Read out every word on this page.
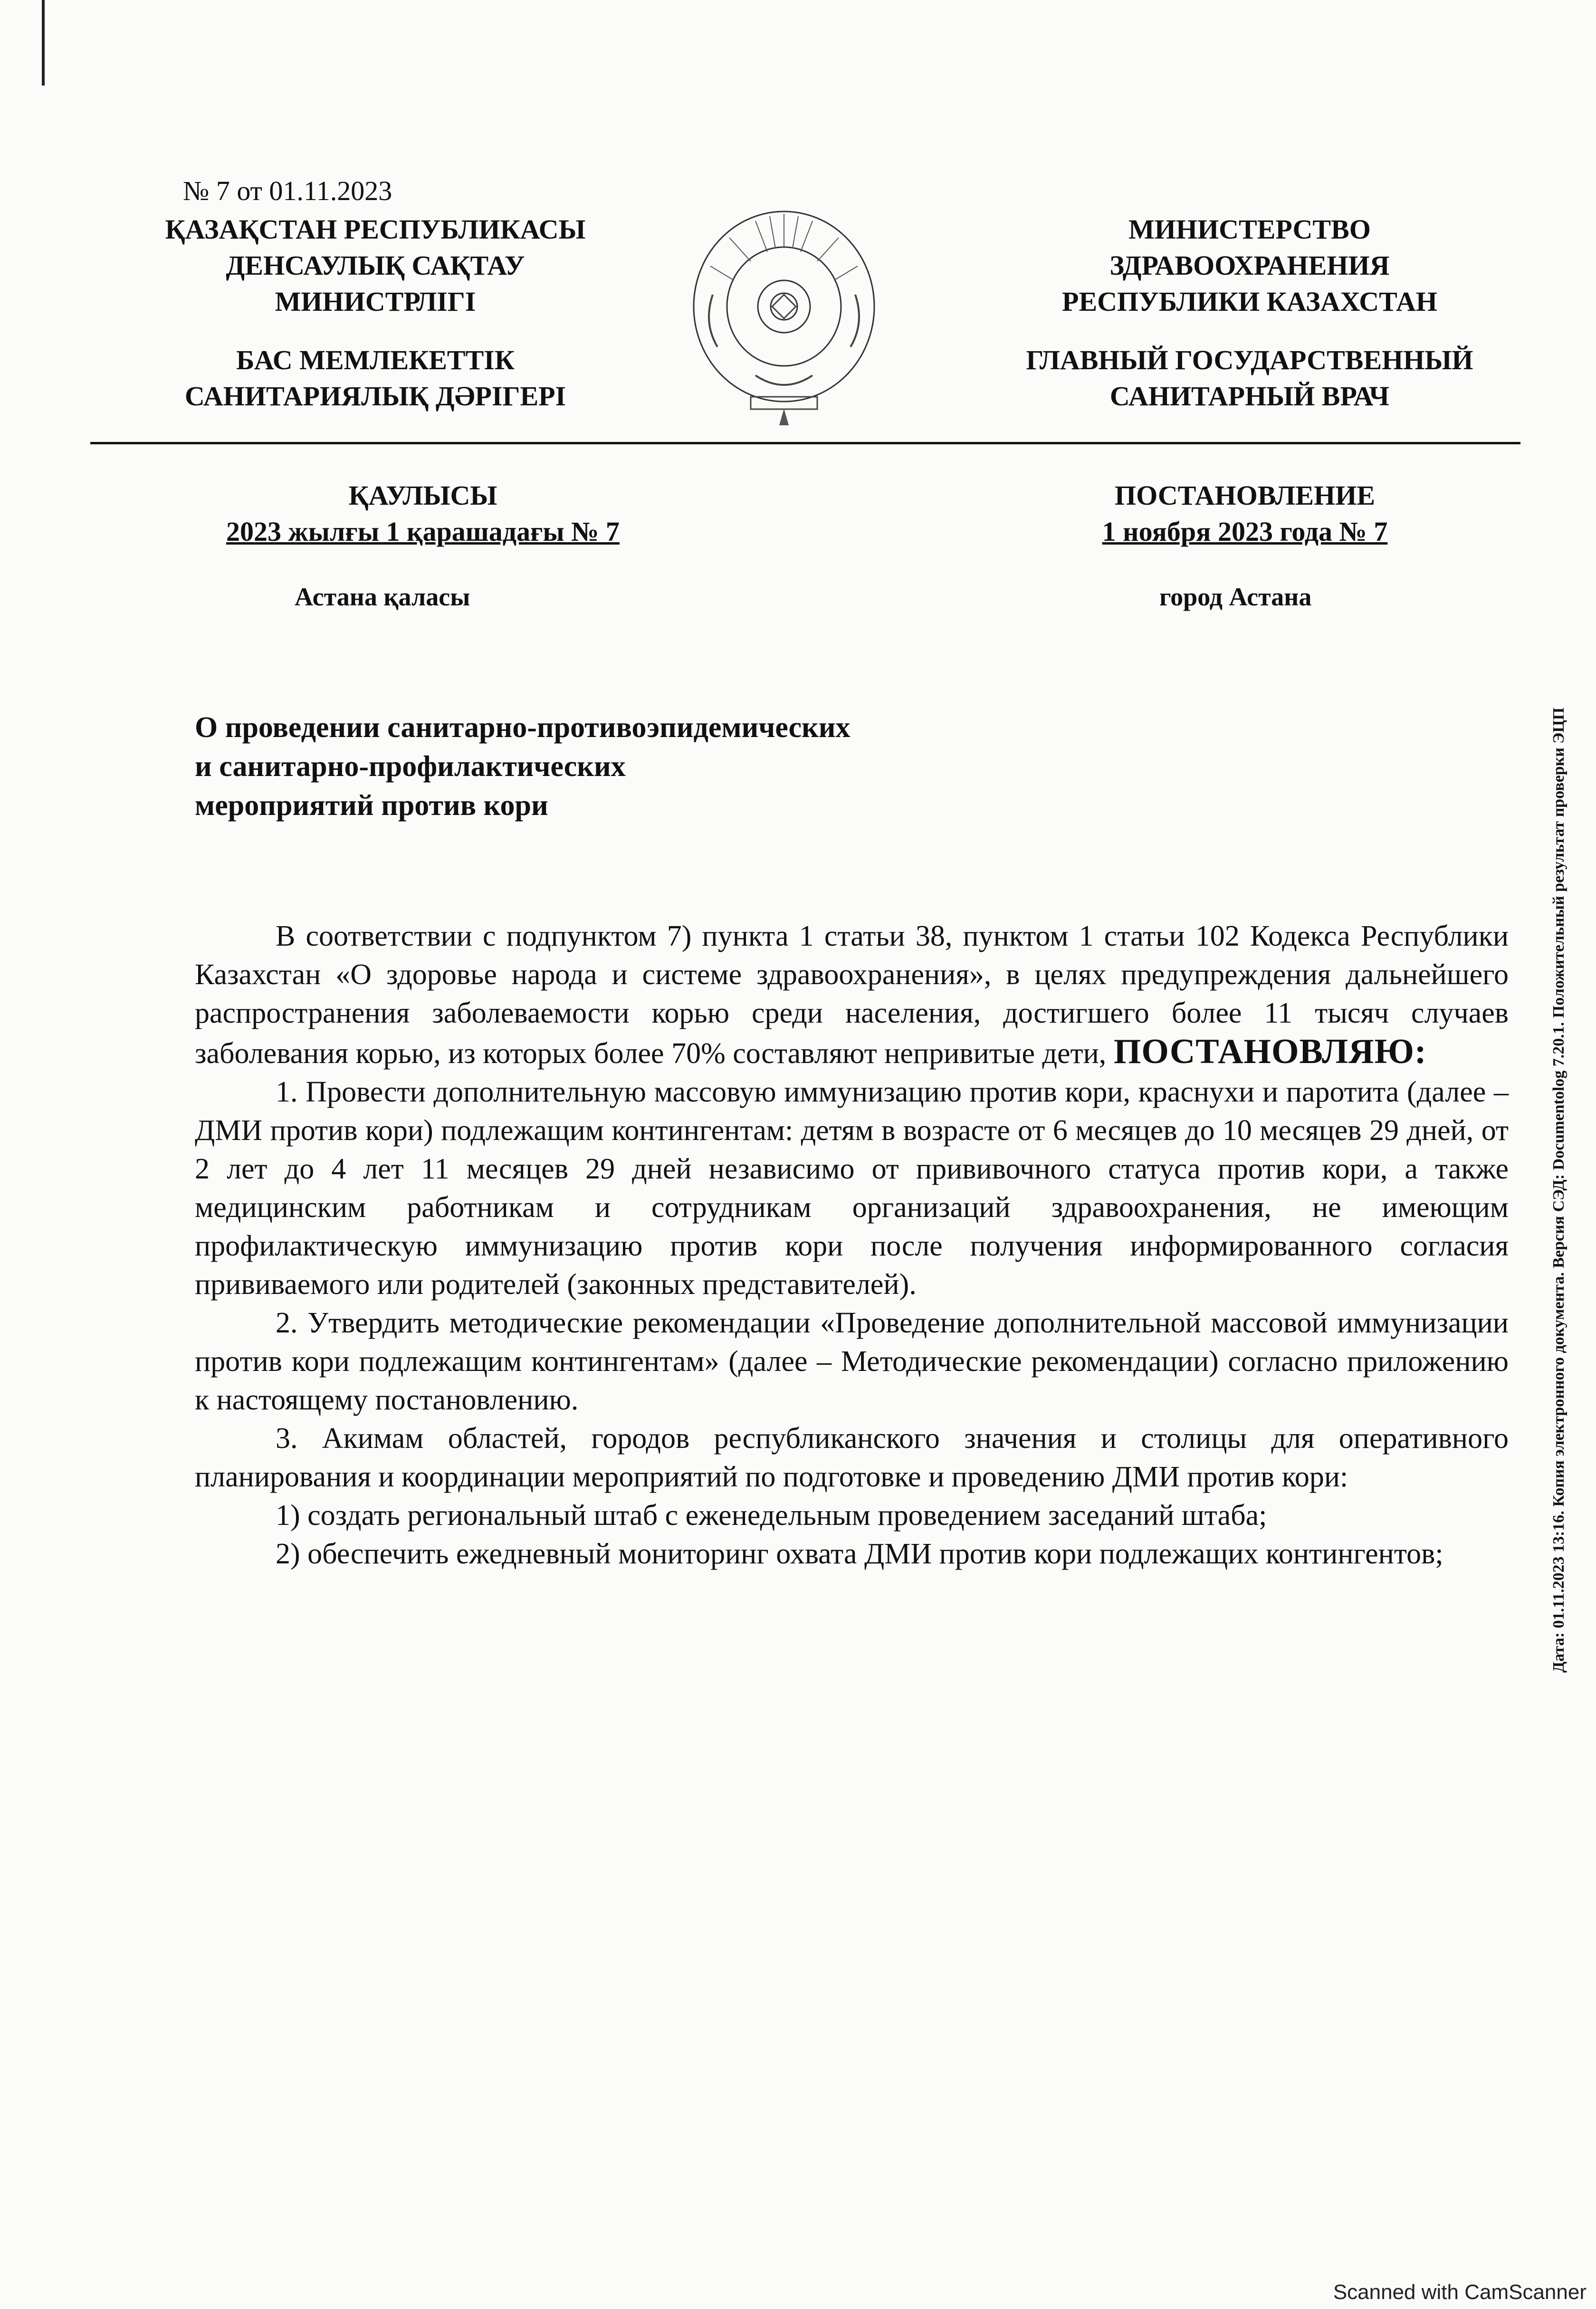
№ 7 от 01.11.2023
ҚАЗАҚСТАН РЕСПУБЛИКАСЫ
ДЕНСАУЛЫҚ САҚТАУ
МИНИСТРЛІГІ
БАС МЕМЛЕКЕТТІК
САНИТАРИЯЛЫҚ ДӘРІГЕРІ
МИНИСТЕРСТВО
ЗДРАВООХРАНЕНИЯ
РЕСПУБЛИКИ КАЗАХСТАН
ГЛАВНЫЙ ГОСУДАРСТВЕННЫЙ
САНИТАРНЫЙ ВРАЧ
ҚАУЛЫСЫ
2023 жылғы 1 қарашадағы № 7
ПОСТАНОВЛЕНИЕ
1 ноября 2023 года № 7
Астана қаласы	город Астана
О проведении санитарно-противоэпидемических
и санитарно-профилактических
мероприятий против кори

В соответствии с подпунктом 7) пункта 1 статьи 38, пунктом 1 статьи 102 Кодекса Республики Казахстан «О здоровье народа и системе здравоохранения», в целях предупреждения дальнейшего распространения заболеваемости корью среди населения, достигшего более 11 тысяч случаев заболевания корью, из которых более 70% составляют непривитые дети, ПОСТАНОВЛЯЮ:

1. Провести дополнительную массовую иммунизацию против кори, краснухи и паротита (далее – ДМИ против кори) подлежащим контингентам: детям в возрасте от 6 месяцев до 10 месяцев 29 дней, от 2 лет до 4 лет 11 месяцев 29 дней независимо от прививочного статуса против кори, а также медицинским работникам и сотрудникам организаций здравоохранения, не имеющим профилактическую иммунизацию против кори после получения информированного согласия прививаемого или родителей (законных представителей).

2. Утвердить методические рекомендации «Проведение дополнительной массовой иммунизации против кори подлежащим контингентам» (далее – Методические рекомендации) согласно приложению к настоящему постановлению.

3. Акимам областей, городов республиканского значения и столицы для оперативного планирования и координации мероприятий по подготовке и проведению ДМИ против кори:

1) создать региональный штаб с еженедельным проведением заседаний штаба;

2) обеспечить ежедневный мониторинг охвата ДМИ против кори подлежащих контингентов;	Дата: 01.11.2023 13:16. Копия электронного документа. Версия СЭД: Documentolog 7.20.1. Положительный результат проверки ЭЦП
Scanned with CamScanner
